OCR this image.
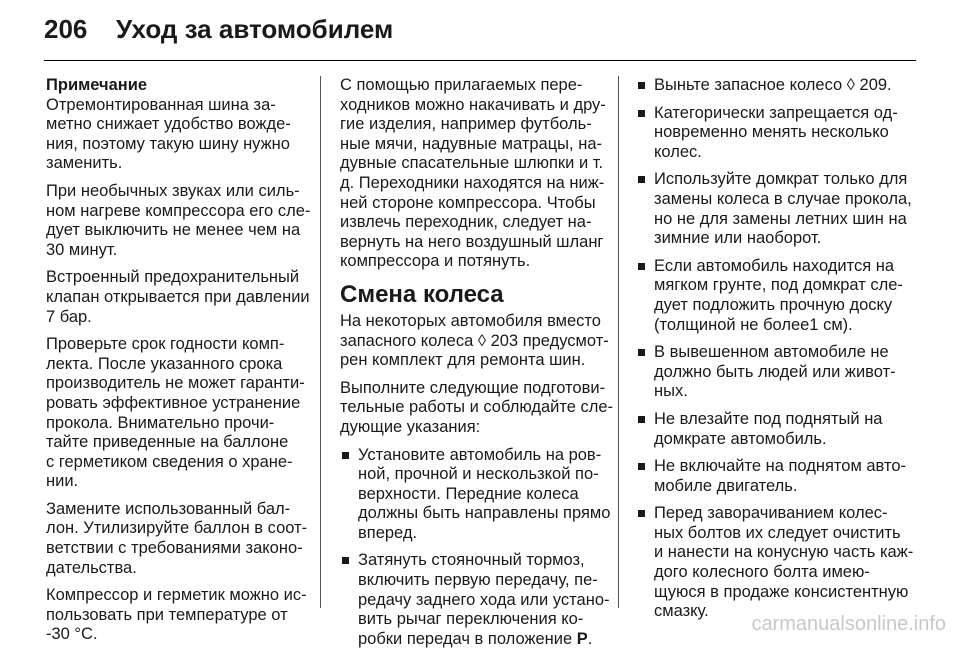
206 Уход за автомобилем
Примечание
Отремонтированная шина за-
метно снижает удобство вожде-
ния, поэтому такую шину нужно
заменить.
При необычных звуках или силь-
ном нагреве компрессора его сле-
дует выключить не менее чем на
30 минут.
Встроенный предохранительный
клапан открывается при давлении
7 бар.
Проверьте срок годности комп-
лекта. После указанного срока
производитель не может гаранти-
ровать эффективное устранение
прокола. Внимательно прочи-
тайте приведенные на баллоне
с герметиком сведения о хране-
нии.
Замените использованный бал-
лон. Утилизируйте баллон в соот-
ветствии с требованиями законо-
дательства.
Компрессор и герметик можно ис-
пользовать при температуре от
-30 °C.
С помощью прилагаемых пере-
ходников можно накачивать и дру-
гие изделия, например футболь-
ные мячи, надувные матрацы, на-
дувные спасательные шлюпки и т.
д. Переходники находятся на ниж-
ней стороне компрессора. Чтобы
извлечь переходник, следует на-
вернуть на него воздушный шланг
компрессора и потянуть.
Смена колеса
На некоторых автомобиля вместо
запасного колеса ◊ 203 предусмот-
рен комплект для ремонта шин.
Выполните следующие подготови-
тельные работы и соблюдайте сле-
дующие указания:
Установите автомобиль на ров-
ной, прочной и нескользкой по-
верхности. Передние колеса
должны быть направлены прямо
вперед.
Затянуть стояночный тормоз,
включить первую передачу, пе-
редачу заднего хода или устано-
вить рычаг переключения ко-
робки передач в положение P.
Выньте запасное колесо ◊ 209.
Категорически запрещается од-
новременно менять несколько
колес.
Используйте домкрат только для
замены колеса в случае прокола,
но не для замены летних шин на
зимние или наоборот.
Если автомобиль находится на
мягком грунте, под домкрат сле-
дует подложить прочную доску
(толщиной не более1 см).
В вывешенном автомобиле не
должно быть людей или живот-
ных.
Не влезайте под поднятый на
домкрате автомобиль.
Не включайте на поднятом авто-
мобиле двигатель.
Перед заворачиванием колес-
ных болтов их следует очистить
и нанести на конусную часть каж-
дого колесного болта имею-
щуюся в продаже консистентную
смазку.
carmanualsonline.info
